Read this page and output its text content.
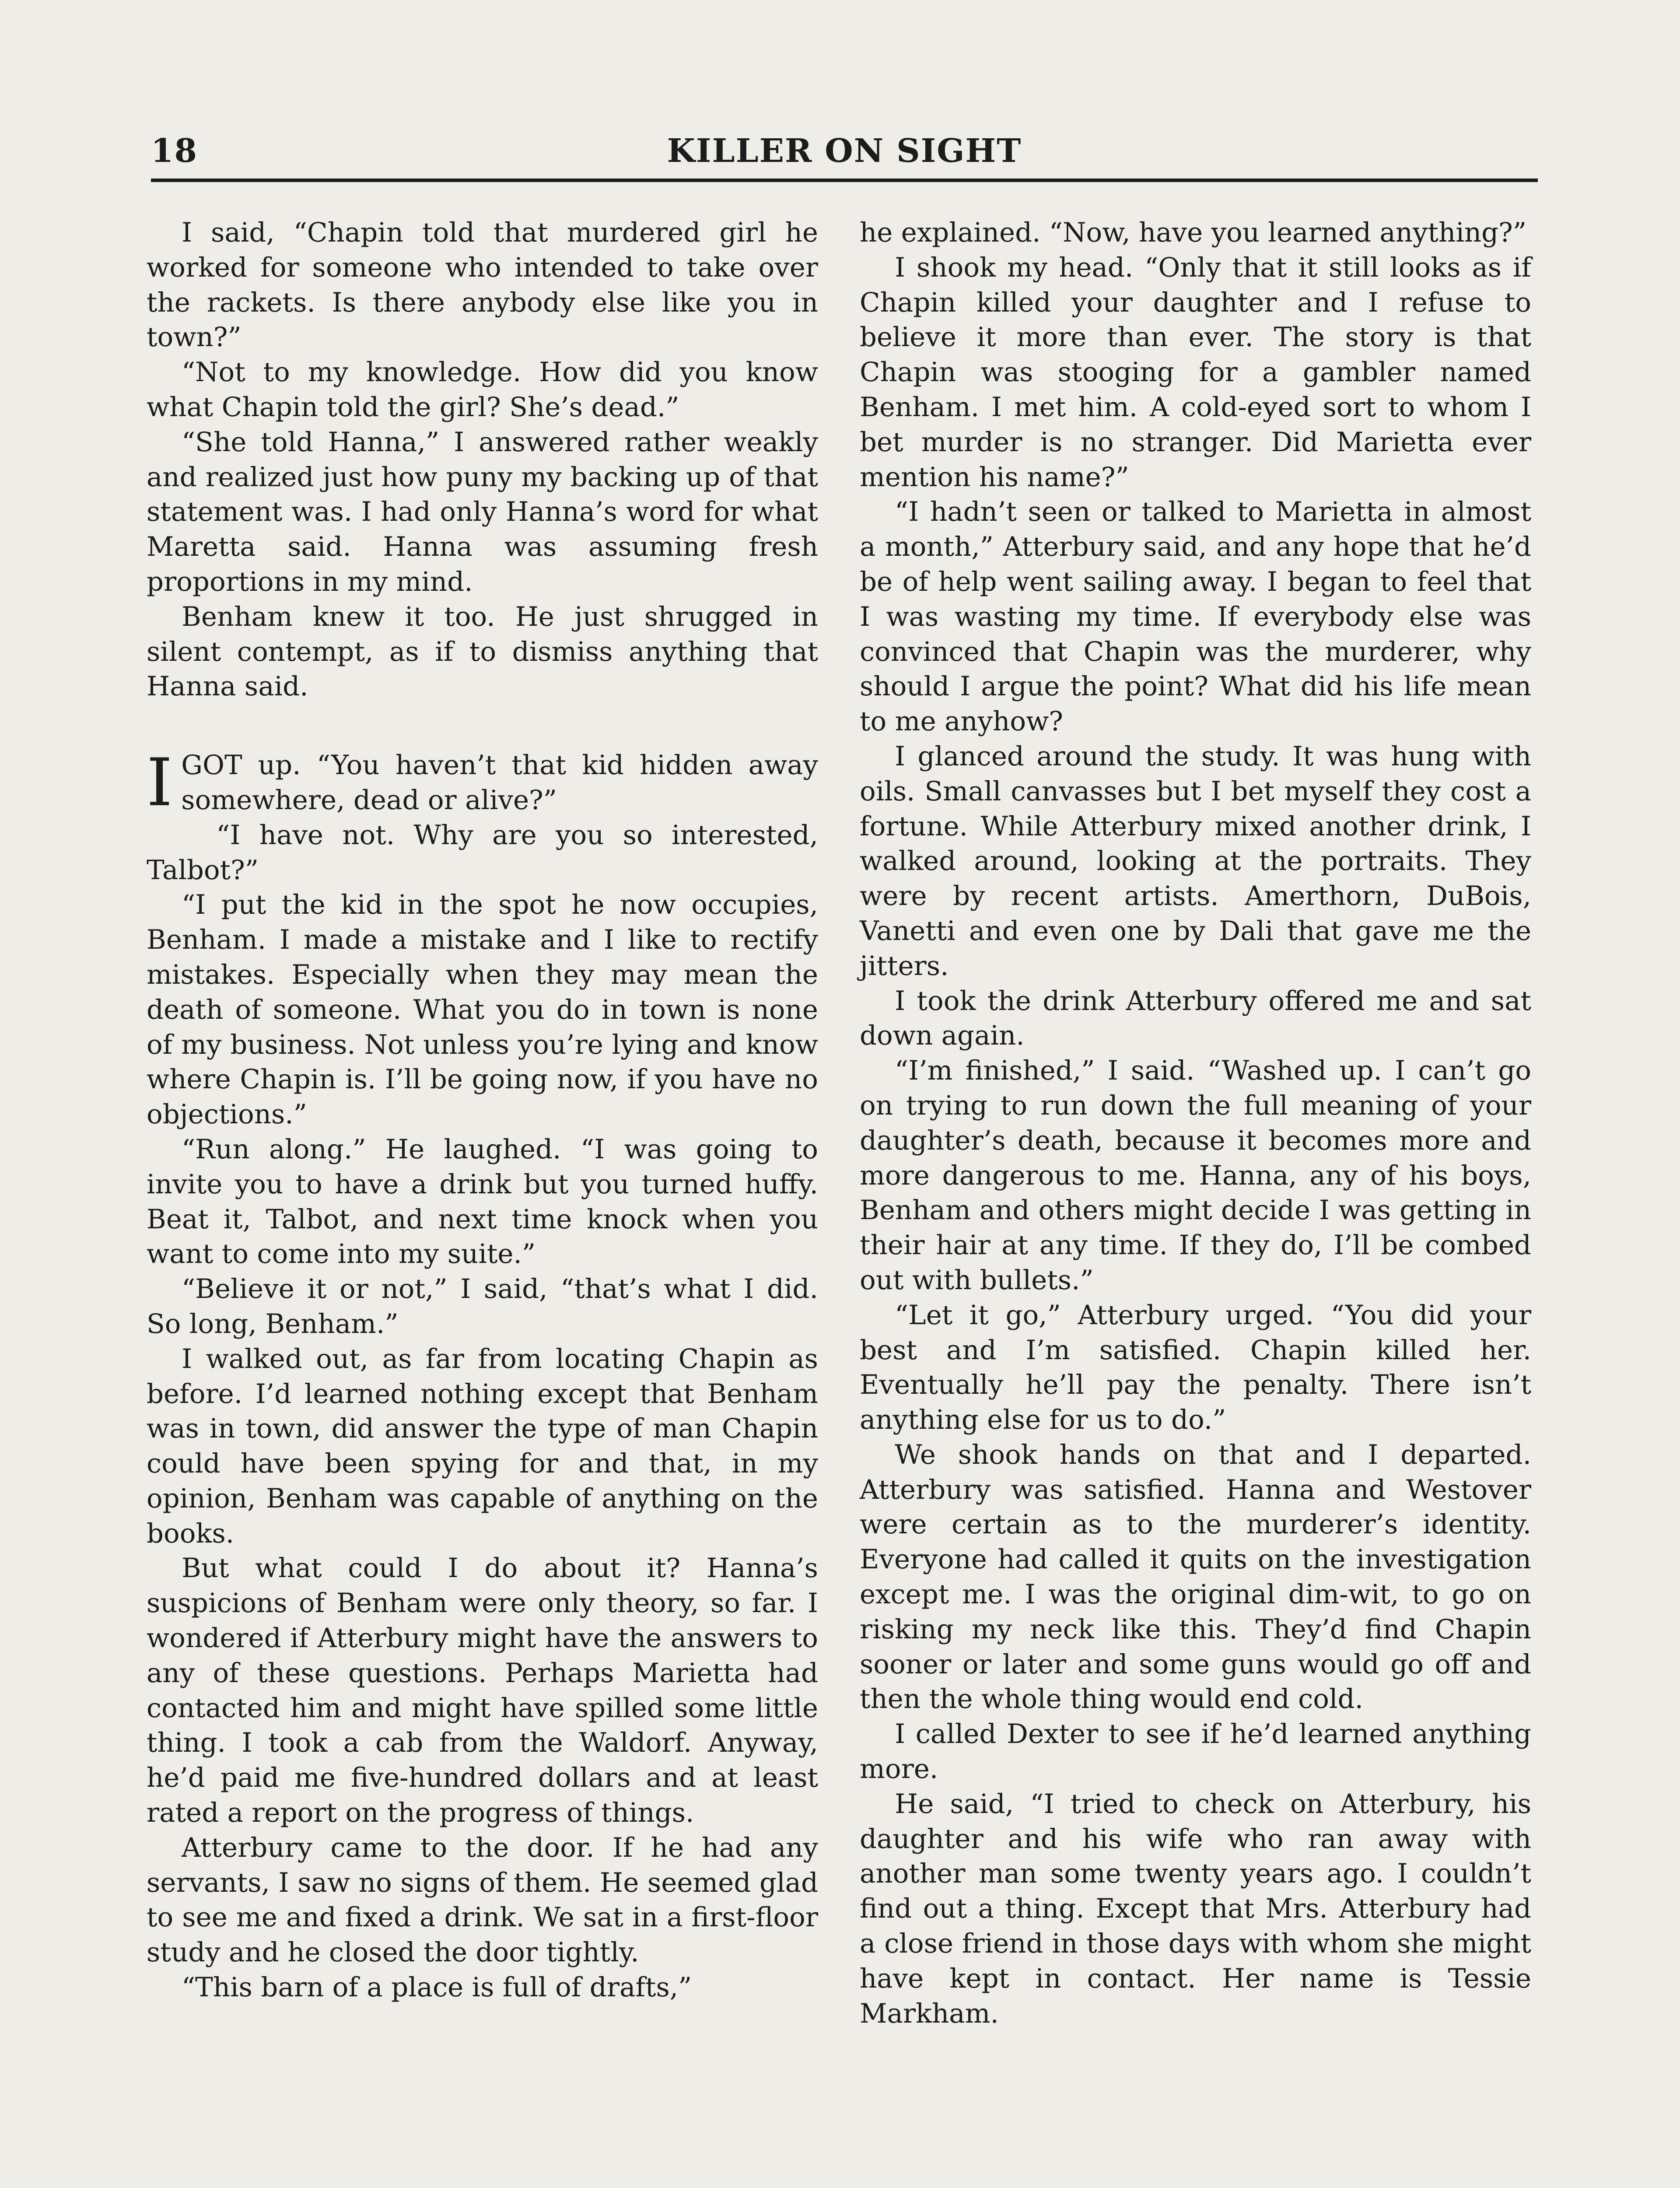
18	KILLER ON SIGHT

I said, “Chapin told that murdered girl he worked for someone who intended to take over the rackets. Is there anybody else like you in town?”

“Not to my knowledge. How did you know what Chapin told the girl? She’s dead.”

“She told Hanna,” I answered rather weakly and realized just how puny my backing up of that statement was. I had only Hanna’s word for what Maretta said. Hanna was assuming fresh proportions in my mind.

Benham knew it too. He just shrugged in silent contempt, as if to dismiss anything that Hanna said.

I GOT up. “You haven’t that kid hidden away somewhere, dead or alive?”

“I have not. Why are you so interested, Talbot?”

“I put the kid in the spot he now occupies, Benham. I made a mistake and I like to rectify mistakes. Especially when they may mean the death of someone. What you do in town is none of my business. Not unless you’re lying and know where Chapin is. I’ll be going now, if you have no objections.”

“Run along.” He laughed. “I was going to invite you to have a drink but you turned huffy. Beat it, Talbot, and next time knock when you want to come into my suite.”

“Believe it or not,” I said, “that’s what I did. So long, Benham.”

I walked out, as far from locating Chapin as before. I’d learned nothing except that Benham was in town, did answer the type of man Chapin could have been spying for and that, in my opinion, Benham was capable of anything on the books.

But what could I do about it? Hanna’s suspicions of Benham were only theory, so far. I wondered if Atterbury might have the answers to any of these questions. Perhaps Marietta had contacted him and might have spilled some little thing. I took a cab from the Waldorf. Anyway, he’d paid me five-hundred dollars and at least rated a report on the progress of things.

Atterbury came to the door. If he had any servants, I saw no signs of them. He seemed glad to see me and fixed a drink. We sat in a first-floor study and he closed the door tightly.

“This barn of a place is full of drafts,”

he explained. “Now, have you learned anything?”

I shook my head. “Only that it still looks as if Chapin killed your daughter and I refuse to believe it more than ever. The story is that Chapin was stooging for a gambler named Benham. I met him. A cold-eyed sort to whom I bet murder is no stranger. Did Marietta ever mention his name?”

“I hadn’t seen or talked to Marietta in almost a month,” Atterbury said, and any hope that he’d be of help went sailing away. I began to feel that I was wasting my time. If everybody else was convinced that Chapin was the murderer, why should I argue the point? What did his life mean to me anyhow?

I glanced around the study. It was hung with oils. Small canvasses but I bet myself they cost a fortune. While Atterbury mixed another drink, I walked around, looking at the portraits. They were by recent artists. Amerthorn, DuBois, Vanetti and even one by Dali that gave me the jitters.

I took the drink Atterbury offered me and sat down again.

“I’m finished,” I said. “Washed up. I can’t go on trying to run down the full meaning of your daughter’s death, because it becomes more and more dangerous to me. Hanna, any of his boys, Benham and others might decide I was getting in their hair at any time. If they do, I’ll be combed out with bullets.”

“Let it go,” Atterbury urged. “You did your best and I’m satisfied. Chapin killed her. Eventually he’ll pay the penalty. There isn’t anything else for us to do.”

We shook hands on that and I departed. Atterbury was satisfied. Hanna and Westover were certain as to the murderer’s identity. Everyone had called it quits on the investigation except me. I was the original dim-wit, to go on risking my neck like this. They’d find Chapin sooner or later and some guns would go off and then the whole thing would end cold.

I called Dexter to see if he’d learned anything more.

He said, “I tried to check on Atterbury, his daughter and his wife who ran away with another man some twenty years ago. I couldn’t find out a thing. Except that Mrs. Atterbury had a close friend in those days with whom she might have kept in contact. Her name is Tessie Markham.
